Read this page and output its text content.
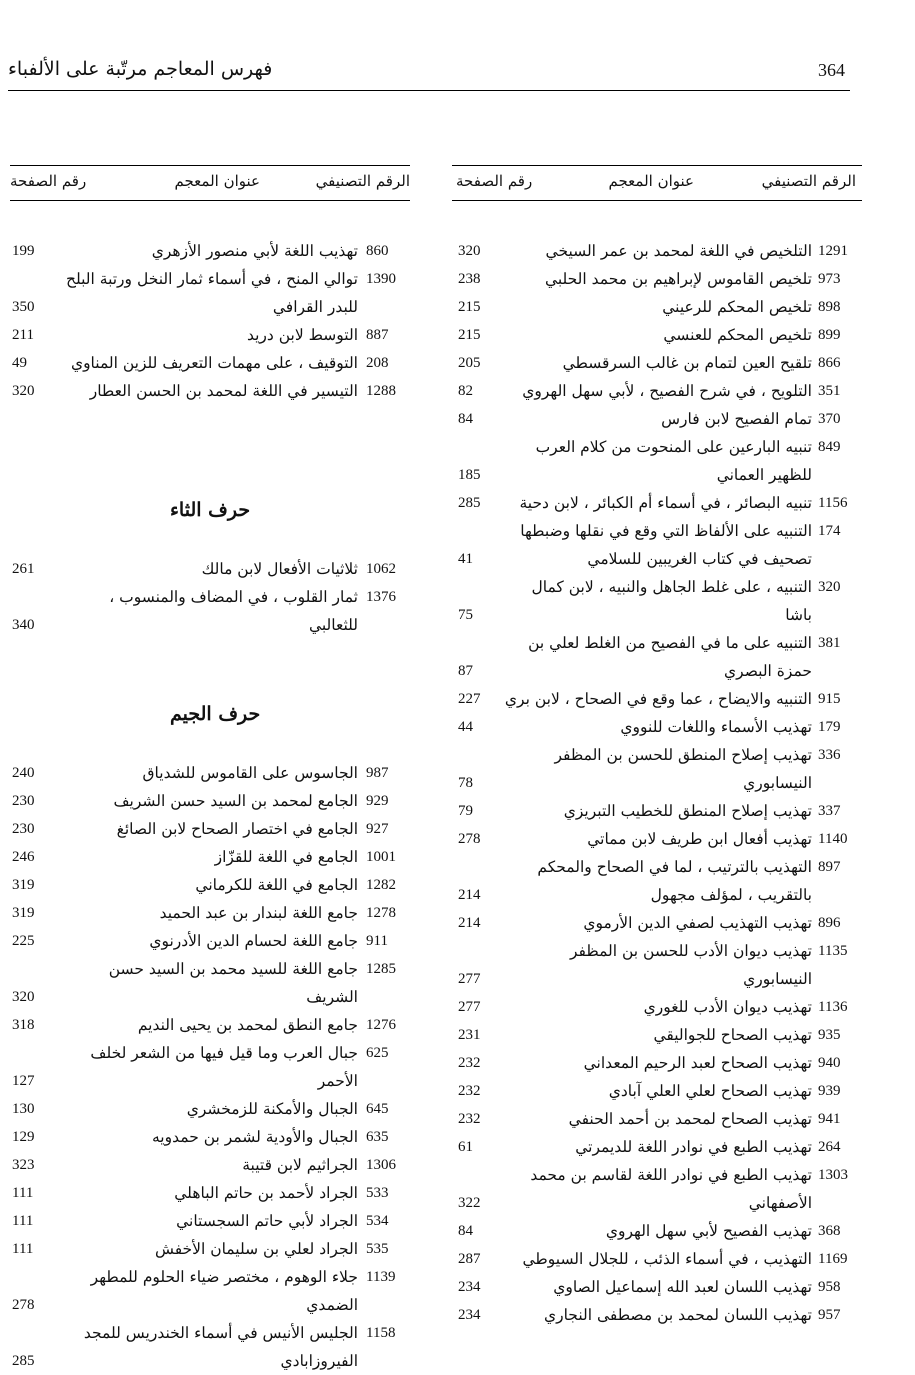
364
فهرس المعاجم مرتّبة على الألفباء
الرقم التصنيفي
عنوان المعجم
رقم الصفحة
1291
التلخيص في اللغة لمحمد بن عمر السيخي
320
973
تلخيص القاموس لإبراهيم بن محمد الحلبي
238
898
تلخيص المحكم للرعيني
215
899
تلخيص المحكم للعنسي
215
866
تلقيح العين لتمام بن غالب السرقسطي
205
351
التلويح ، في شرح الفصيح ، لأبي سهل الهروي
82
370
تمام الفصيح لابن فارس
84
849
تنبيه البارعين على المنحوت من كلام العرب للظهير العماني
185
1156
تنبيه البصائر ، في أسماء أم الكبائر ، لابن دحية
285
174
التنبيه على الألفاظ التي وقع في نقلها وضبطها تصحيف في كتاب الغريبين للسلامي
41
320
التنبيه ، على غلط الجاهل والنبيه ، لابن كمال باشا
75
381
التنبيه على ما في الفصيح من الغلط لعلي بن حمزة البصري
87
915
التنبيه والايضاح ، عما وقع في الصحاح ، لابن بري
227
179
تهذيب الأسماء واللغات للنووي
44
336
تهذيب إصلاح المنطق للحسن بن المظفر النيسابوري
78
337
تهذيب إصلاح المنطق للخطيب التبريزي
79
1140
تهذيب أفعال ابن طريف لابن مماتي
278
897
التهذيب بالترتيب ، لما في الصحاح والمحكم بالتقريب ، لمؤلف مجهول
214
896
تهذيب التهذيب لصفي الدين الأرموي
214
1135
تهذيب ديوان الأدب للحسن بن المظفر النيسابوري
277
1136
تهذيب ديوان الأدب للغوري
277
935
تهذيب الصحاح للجواليقي
231
940
تهذيب الصحاح لعبد الرحيم المعداني
232
939
تهذيب الصحاح لعلي العلي آبادي
232
941
تهذيب الصحاح لمحمد بن أحمد الحنفي
232
264
تهذيب الطبع في نوادر اللغة للديمرتي
61
1303
تهذيب الطبع في نوادر اللغة لقاسم بن محمد الأصفهاني
322
368
تهذيب الفصيح لأبي سهل الهروي
84
1169
التهذيب ، في أسماء الذئب ، للجلال السيوطي
287
958
تهذيب اللسان لعبد الله إسماعيل الصاوي
234
957
تهذيب اللسان لمحمد بن مصطفى النجاري
234
الرقم التصنيفي
عنوان المعجم
رقم الصفحة
860
تهذيب اللغة لأبي منصور الأزهري
199
1390
توالي المنح ، في أسماء ثمار النخل ورتبة البلح للبدر القرافي
350
887
التوسط لابن دريد
211
208
التوقيف ، على مهمات التعريف للزين المناوي
49
1288
التيسير في اللغة لمحمد بن الحسن العطار
320
حرف الثاء
1062
ثلاثيات الأفعال لابن مالك
261
1376
ثمار القلوب ، في المضاف والمنسوب ، للثعالبي
340
حرف الجيم
987
الجاسوس على القاموس للشدياق
240
929
الجامع لمحمد بن السيد حسن الشريف
230
927
الجامع في اختصار الصحاح لابن الصائغ
230
1001
الجامع في اللغة للقزّاز
246
1282
الجامع في اللغة للكرماني
319
1278
جامع اللغة لبندار بن عبد الحميد
319
911
جامع اللغة لحسام الدين الأدرنوي
225
1285
جامع اللغة للسيد محمد بن السيد حسن الشريف
320
1276
جامع النطق لمحمد بن يحيى النديم
318
625
جبال العرب وما قيل فيها من الشعر لخلف الأحمر
127
645
الجبال والأمكنة للزمخشري
130
635
الجبال والأودية لشمر بن حمدويه
129
1306
الجراثيم لابن قتيبة
323
533
الجراد لأحمد بن حاتم الباهلي
111
534
الجراد لأبي حاتم السجستاني
111
535
الجراد لعلي بن سليمان الأخفش
111
1139
جلاء الوهوم ، مختصر ضياء الحلوم للمطهر الضمدي
278
1158
الجليس الأنيس في أسماء الخندريس للمجد الفيروزابادي
285
